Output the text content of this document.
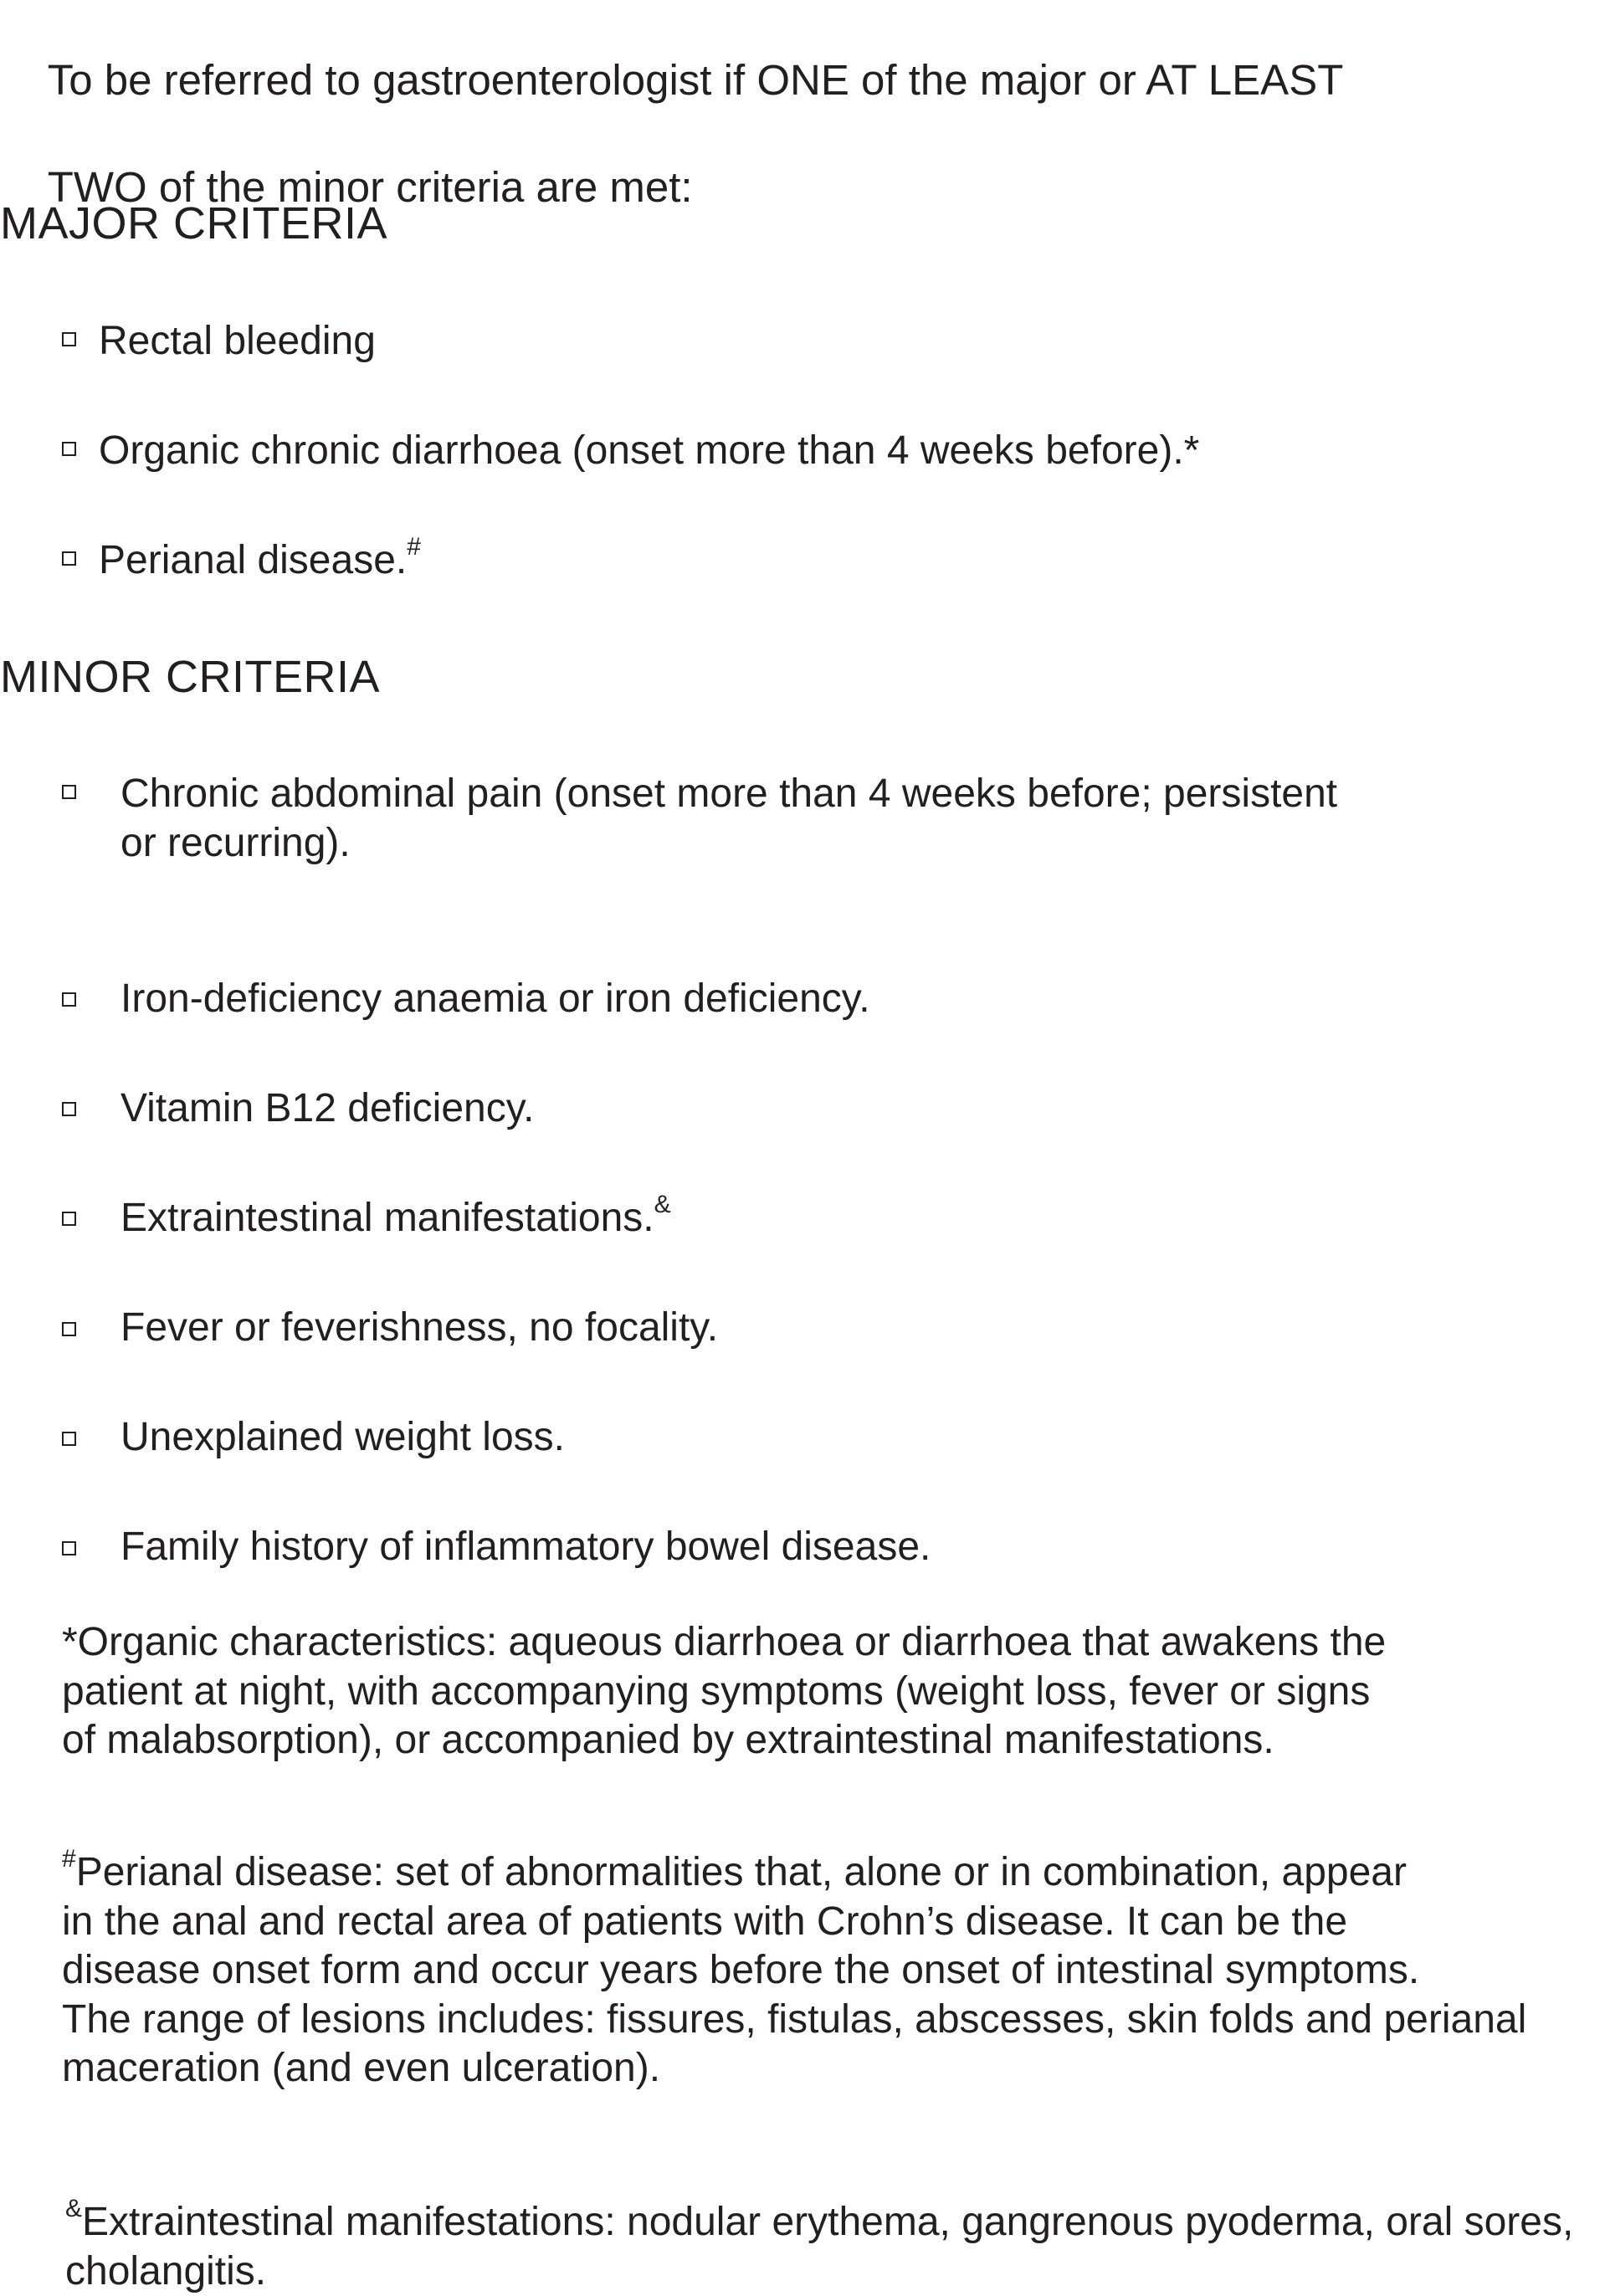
To be referred to gastroenterologist if ONE of the major or AT LEAST

TWO of the minor criteria are met:

MAJOR CRITERIA

Rectal bleeding

Organic chronic diarrhoea (onset more than 4 weeks before).*

Perianal disease.#

MINOR CRITERIA

Chronic abdominal pain (onset more than 4 weeks before; persistent
or recurring).

Iron-deficiency anaemia or iron deficiency.

Vitamin B12 deficiency.

Extraintestinal manifestations.&

Fever or feverishness, no focality.

Unexplained weight loss.

Family history of inflammatory bowel disease.

*Organic characteristics: aqueous diarrhoea or diarrhoea that awakens the
patient at night, with accompanying symptoms (weight loss, fever or signs
of malabsorption), or accompanied by extraintestinal manifestations.

#Perianal disease: set of abnormalities that, alone or in combination, appear
in the anal and rectal area of patients with Crohn’s disease. It can be the
disease onset form and occur years before the onset of intestinal symptoms.
The range of lesions includes: fissures, fistulas, abscesses, skin folds and perianal
maceration (and even ulceration).

&Extraintestinal manifestations: nodular erythema, gangrenous pyoderma, oral sores,
cholangitis.
